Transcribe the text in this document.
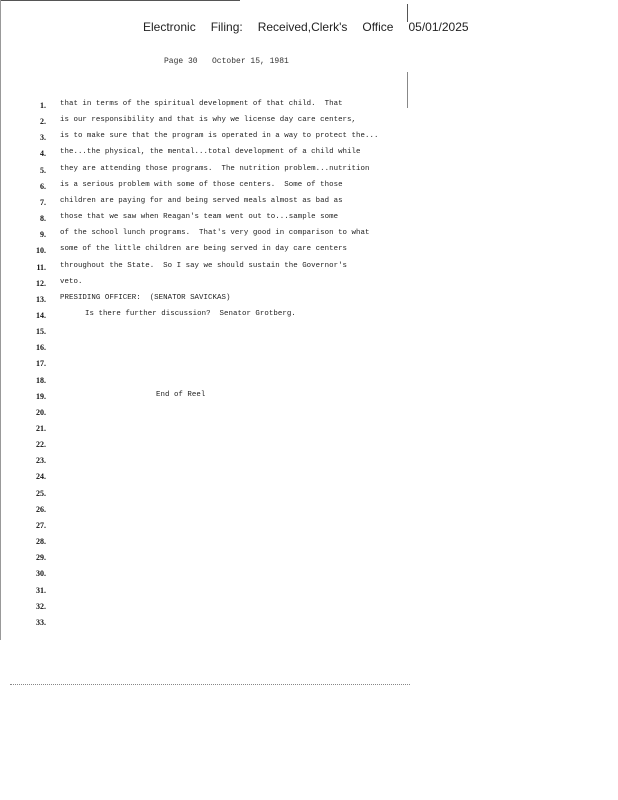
Electronic Filing: Received,Clerk's Office 05/01/2025
Page 30   October 15, 1981
1. that in terms of the spiritual development of that child.  That
2. is our responsibility and that is why we license day care centers,
3. is to make sure that the program is operated in a way to protect the...
4. the...the physical, the mental...total development of a child while
5. they are attending those programs.  The nutrition problem...nutrition
6. is a serious problem with some of those centers.  Some of those
7. children are paying for and being served meals almost as bad as
8. those that we saw when Reagan's team went out to...sample some
9. of the school lunch programs.  That's very good in comparison to what
10. some of the little children are being served in day care centers
11. throughout the State.  So I say we should sustain the Governor's
12. veto.
13. PRESIDING OFFICER:  (SENATOR SAVICKAS)
14.	Is there further discussion?  Senator Grotberg.
15.
16.
17.
18.
19.	End of Reel
20.
21.
22.
23.
24.
25.
26.
27.
28.
29.
30.
31.
32.
33.
